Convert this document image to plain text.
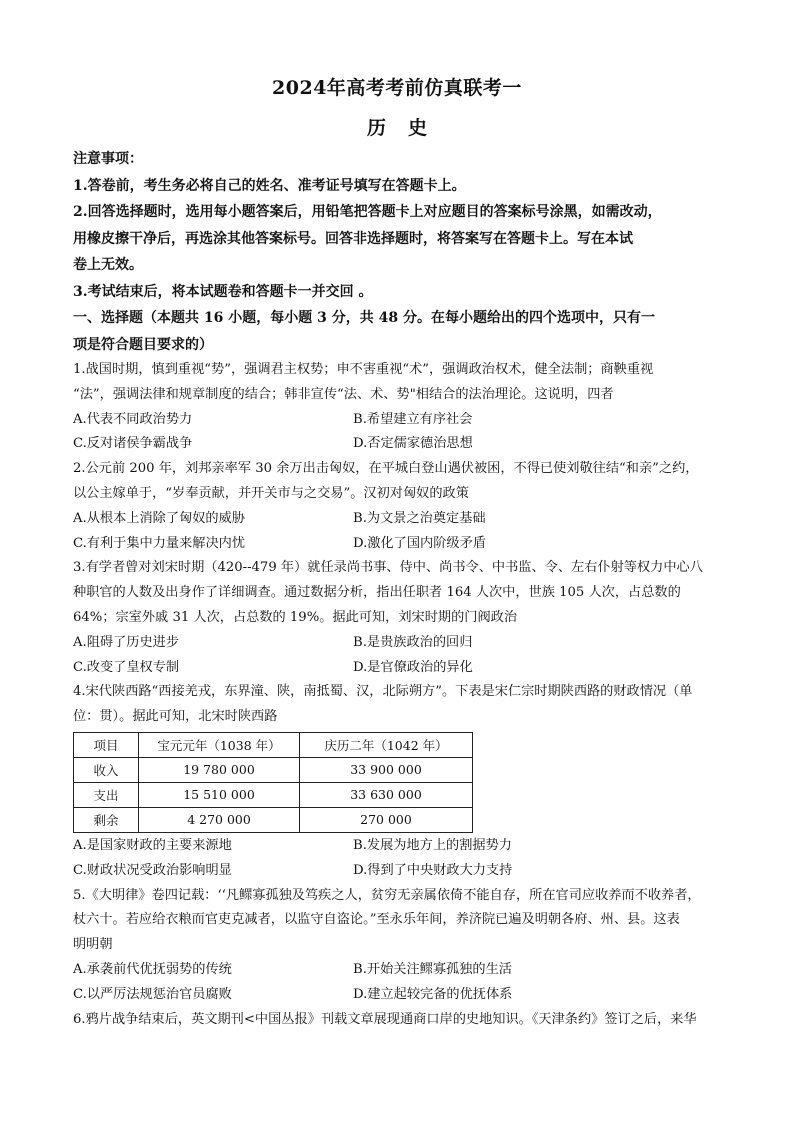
2024年高考考前仿真联考一
历 史
注意事项：
1.答卷前，考生务必将自己的姓名、准考证号填写在答题卡上。
2.回答选择题时，选用每小题答案后，用铅笔把答题卡上对应题目的答案标号涂黑，如需改动，
用橡皮擦干净后，再选涂其他答案标号。回答非选择题时，将答案写在答题卡上。写在本试
卷上无效。
3.考试结束后，将本试题卷和答题卡一并交回 。
一、选择题（本题共 16 小题，每小题 3 分，共 48 分。在每小题给出的四个选项中，只有一
项是符合题目要求的）
1.战国时期，慎到重视“势”，强调君主权势；申不害重视“术”，强调政治权术，健全法制；商鞅重视
“法”，强调法律和规章制度的结合；韩非宣传“法、术、势"相结合的法治理论。这说明，四者
A.代表不同政治势力	B.希望建立有序社会
C.反对诸侯争霸战争	D.否定儒家德治思想
2.公元前 200 年，刘邦亲率军 30 余万出击匈奴，在平城白登山遇伏被困，不得已使刘敬往结“和亲”之约，
以公主嫁单于，“岁奉贡献，并开关市与之交易”。汉初对匈奴的政策
A.从根本上消除了匈奴的威胁	B.为文景之治奠定基础
C.有利于集中力量来解决内忧	D.激化了国内阶级矛盾
3.有学者曾对刘宋时期（420--479 年）就任录尚书事、侍中、尚书令、中书监、令、左右仆射等权力中心八
种职官的人数及出身作了详细调查。通过数据分析，指出任职者 164 人次中，世族 105 人次，占总数的
64%；宗室外戚 31 人次，占总数的 19%。据此可知，刘宋时期的门阀政治
A.阻碍了历史进步	B.是贵族政治的回归
C.改变了皇权专制	D.是官僚政治的异化
4.宋代陕西路“西接羌戎，东界潼、陕，南抵蜀、汉，北际朔方”。下表是宋仁宗时期陕西路的财政情况（单
位：贯）。据此可知，北宋时陕西路
项目	宝元元年（1038 年）	庆历二年（1042 年）
收入	19 780 000	33 900 000
支出	15 510 000	33 630 000
剩余	4 270 000	270 000
A.是国家财政的主要来源地	B.发展为地方上的割据势力
C.财政状况受政治影响明显	D.得到了中央财政大力支持
5.《大明律》卷四记载：‘‘凡鳏寡孤独及笃疾之人，贫穷无亲属依倚不能自存，所在官司应收养而不收养者，
杖六十。若应给衣粮而官吏克减者，以监守自盗论。”至永乐年间，养济院已遍及明朝各府、州、县。这表
明明朝
A.承袭前代优抚弱势的传统	B.开始关注鳏寡孤独的生活
C.以严厉法规惩治官员腐败	D.建立起较完备的优抚体系
6.鸦片战争结束后，英文期刊<中国丛报》刊载文章展现通商口岸的史地知识。《天津条约》签订之后，来华
